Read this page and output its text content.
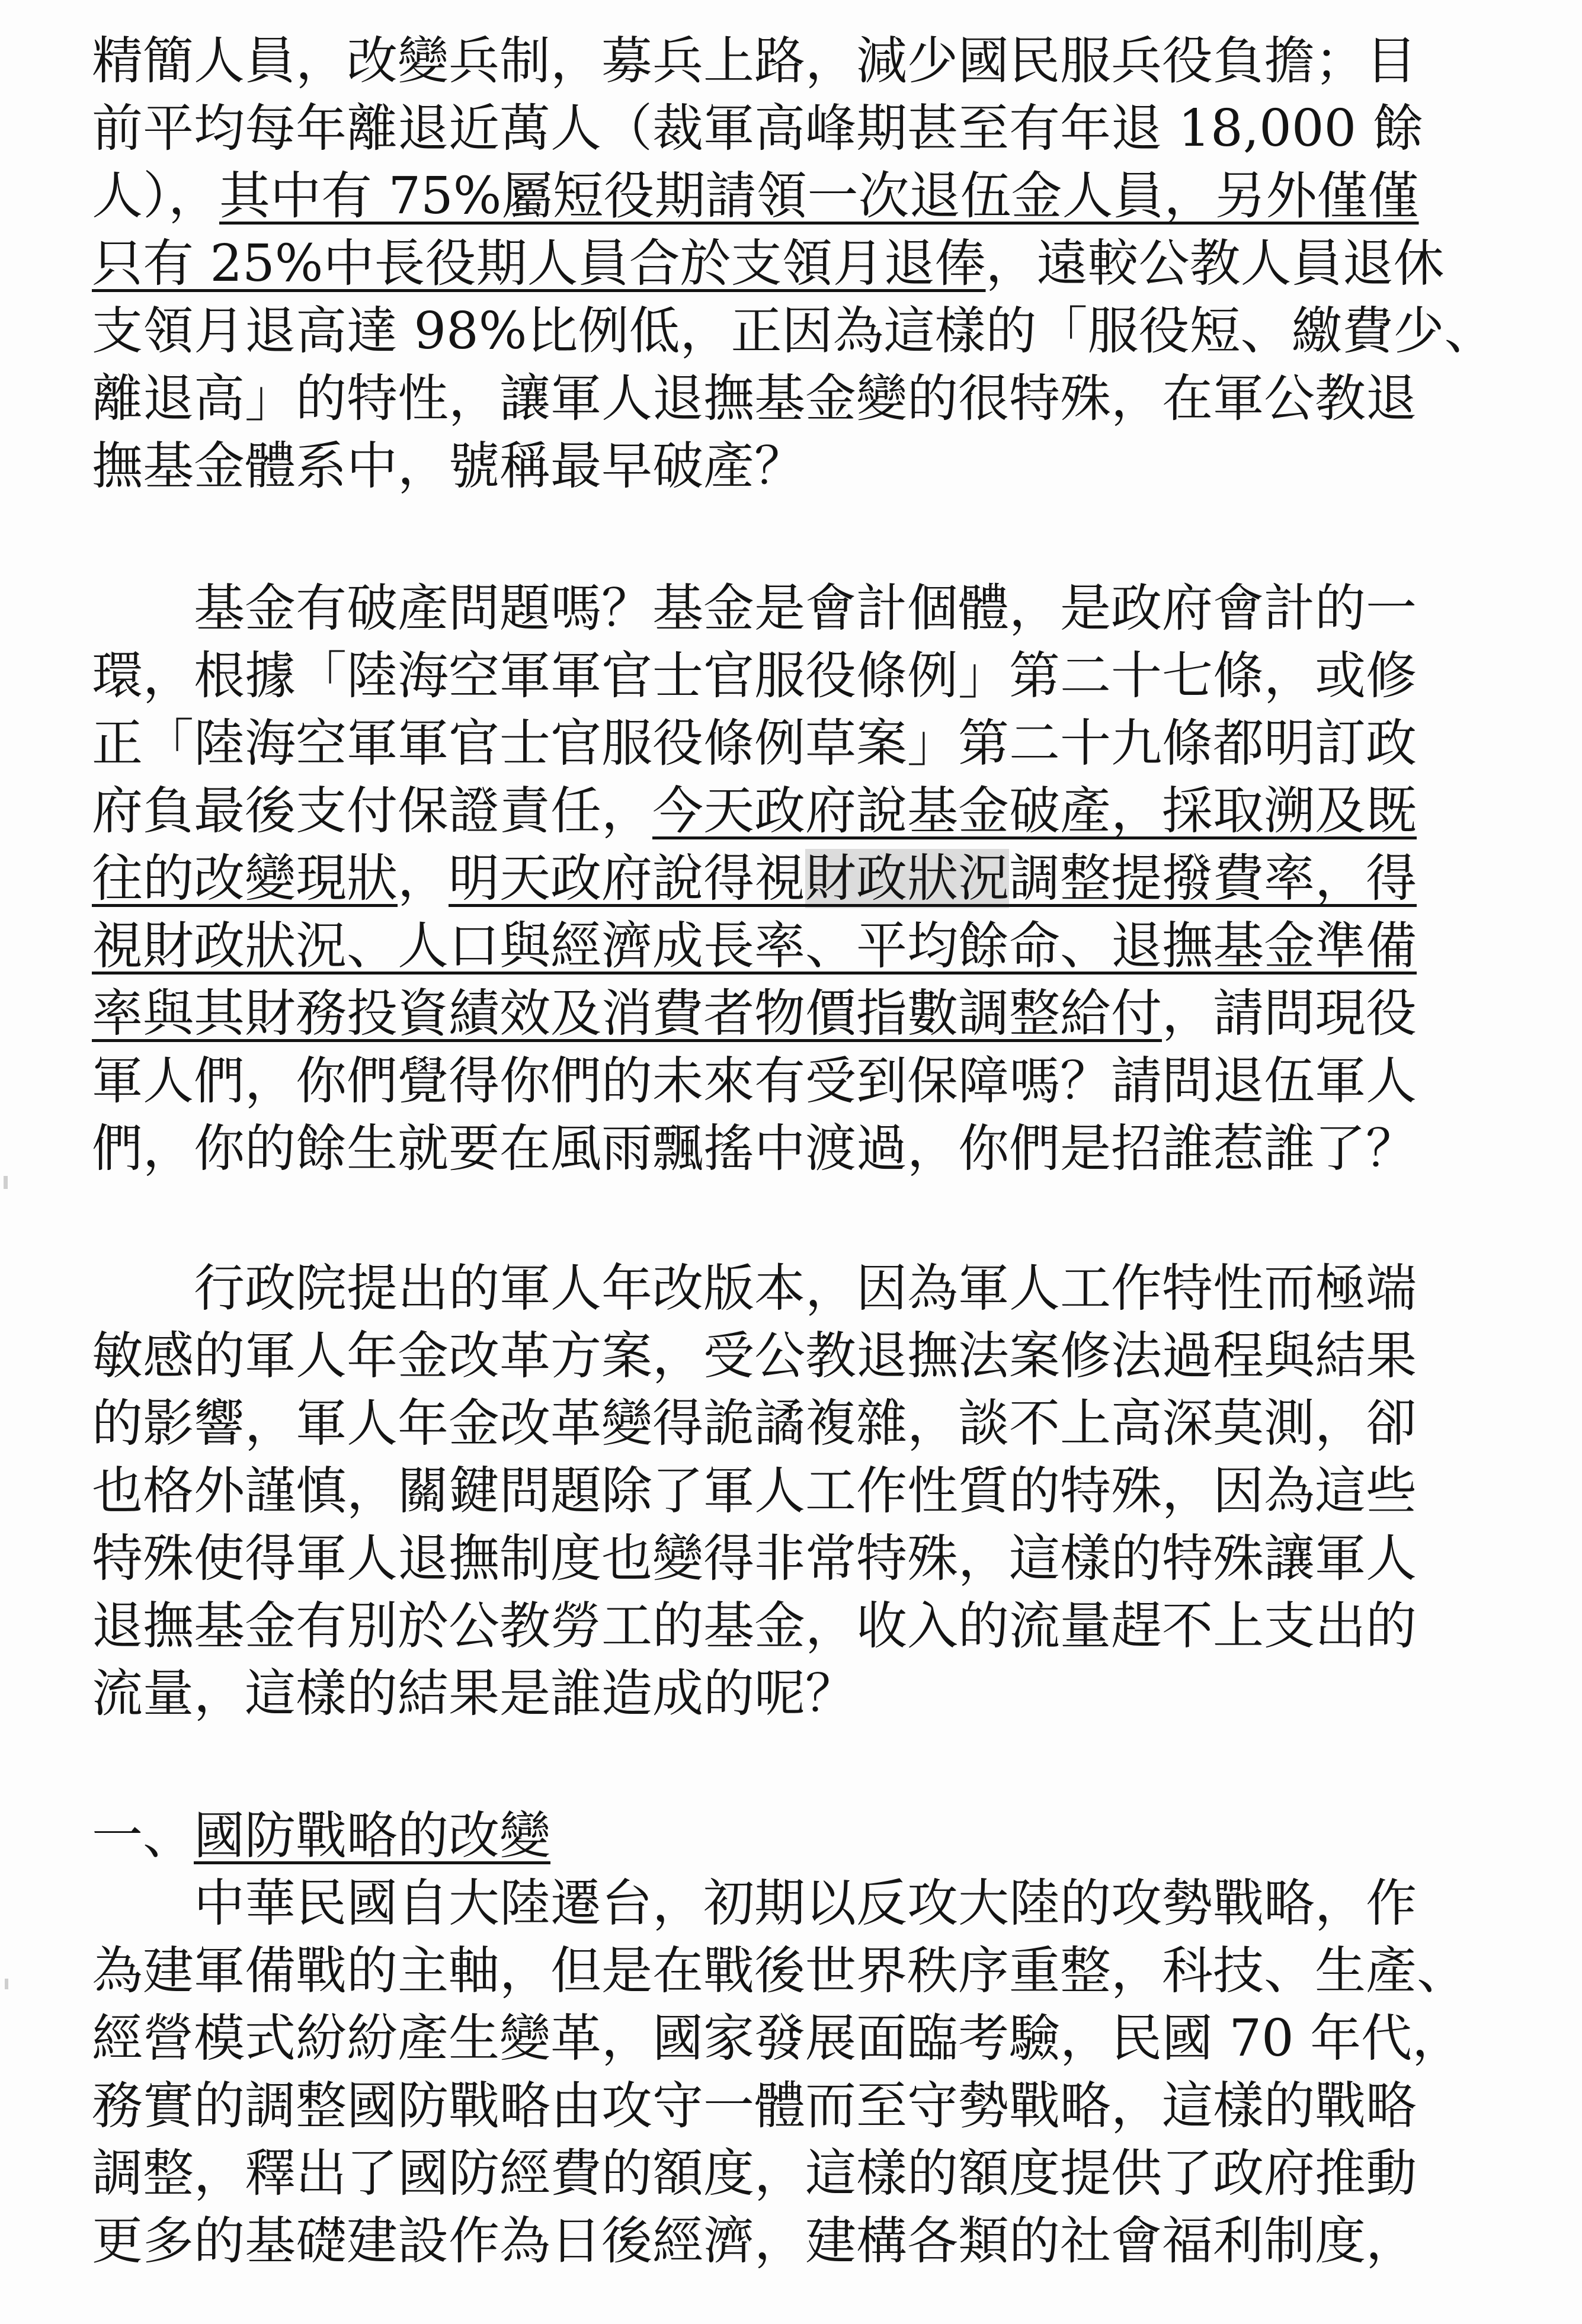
精簡人員，改變兵制，募兵上路，減少國民服兵役負擔；目
前平均每年離退近萬人（裁軍高峰期甚至有年退 18,000 餘
人），其中有 75%屬短役期請領一次退伍金人員，另外僅僅
只有 25%中長役期人員合於支領月退俸，遠較公教人員退休
支領月退高達 98%比例低，正因為這樣的「服役短、繳費少、
離退高」的特性，讓軍人退撫基金變的很特殊，在軍公教退
撫基金體系中，號稱最早破產？
　　基金有破產問題嗎？基金是會計個體，是政府會計的一
環，根據「陸海空軍軍官士官服役條例」第二十七條，或修
正「陸海空軍軍官士官服役條例草案」第二十九條都明訂政
府負最後支付保證責任，今天政府說基金破產，採取溯及既
往的改變現狀，明天政府說得視財政狀況調整提撥費率，得
視財政狀況、人口與經濟成長率、平均餘命、退撫基金準備
率與其財務投資績效及消費者物價指數調整給付，請問現役
軍人們，你們覺得你們的未來有受到保障嗎？請問退伍軍人
們，你的餘生就要在風雨飄搖中渡過，你們是招誰惹誰了？
　　行政院提出的軍人年改版本，因為軍人工作特性而極端
敏感的軍人年金改革方案，受公教退撫法案修法過程與結果
的影響，軍人年金改革變得詭譎複雜，談不上高深莫測，卻
也格外謹慎，關鍵問題除了軍人工作性質的特殊，因為這些
特殊使得軍人退撫制度也變得非常特殊，這樣的特殊讓軍人
退撫基金有別於公教勞工的基金，收入的流量趕不上支出的
流量，這樣的結果是誰造成的呢？
一、國防戰略的改變
　　中華民國自大陸遷台，初期以反攻大陸的攻勢戰略，作
為建軍備戰的主軸，但是在戰後世界秩序重整，科技、生產、
經營模式紛紛產生變革，國家發展面臨考驗，民國 70 年代，
務實的調整國防戰略由攻守一體而至守勢戰略，這樣的戰略
調整，釋出了國防經費的額度，這樣的額度提供了政府推動
更多的基礎建設作為日後經濟，建構各類的社會福利制度，
